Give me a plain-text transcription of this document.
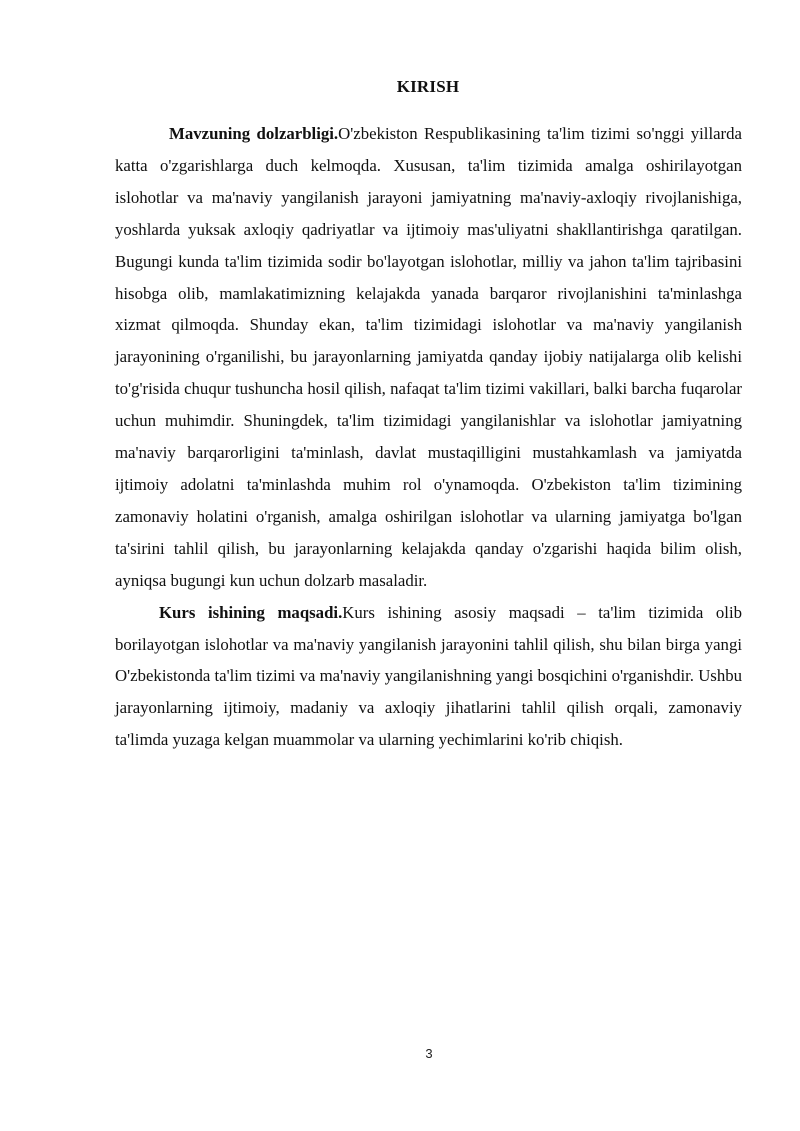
KIRISH

Mavzuning dolzarbligi.O'zbekiston Respublikasining ta'lim tizimi so'nggi yillarda katta o'zgarishlarga duch kelmoqda. Xususan, ta'lim tizimida amalga oshirilayotgan islohotlar va ma'naviy yangilanish jarayoni jamiyatning ma'naviy-axloqiy rivojlanishiga, yoshlarda yuksak axloqiy qadriyatlar va ijtimoiy mas'uliyatni shakllantirishga qaratilgan. Bugungi kunda ta'lim tizimida sodir bo'layotgan islohotlar, milliy va jahon ta'lim tajribasini hisobga olib, mamlakatimizning kelajakda yanada barqaror rivojlanishini ta'minlashga xizmat qilmoqda. Shunday ekan, ta'lim tizimidagi islohotlar va ma'naviy yangilanish jarayonining o'rganilishi, bu jarayonlarning jamiyatda qanday ijobiy natijalarga olib kelishi to'g'risida chuqur tushuncha hosil qilish, nafaqat ta'lim tizimi vakillari, balki barcha fuqarolar uchun muhimdir. Shuningdek, ta'lim tizimidagi yangilanishlar va islohotlar jamiyatning ma'naviy barqarorligini ta'minlash, davlat mustaqilligini mustahkamlash va jamiyatda ijtimoiy adolatni ta'minlashda muhim rol o'ynamoqda. O'zbekiston ta'lim tizimining zamonaviy holatini o'rganish, amalga oshirilgan islohotlar va ularning jamiyatga bo'lgan ta'sirini tahlil qilish, bu jarayonlarning kelajakda qanday o'zgarishi haqida bilim olish, ayniqsa bugungi kun uchun dolzarb masaladir.

Kurs ishining maqsadi.Kurs ishining asosiy maqsadi – ta'lim tizimida olib borilayotgan islohotlar va ma'naviy yangilanish jarayonini tahlil qilish, shu bilan birga yangi O'zbekistonda ta'lim tizimi va ma'naviy yangilanishning yangi bosqichini o'rganishdir. Ushbu jarayonlarning ijtimoiy, madaniy va axloqiy jihatlarini tahlil qilish orqali, zamonaviy ta'limda yuzaga kelgan muammolar va ularning yechimlarini ko'rib chiqish.

3
